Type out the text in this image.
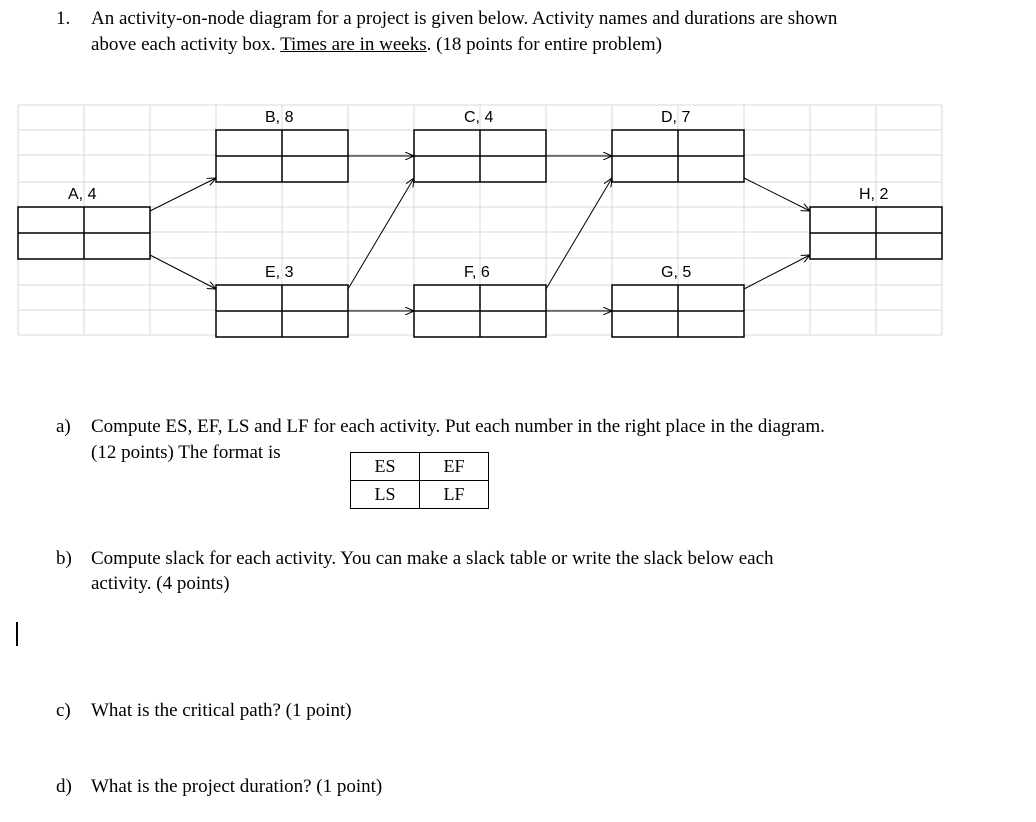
1. An activity-on-node diagram for a project is given below. Activity names and durations are shown
above each activity box. Times are in weeks. (18 points for entire problem)
A, 4
B, 8	C, 4	D, 7
E, 3	F, 6	G, 5
H, 2
a) Compute ES, EF, LS and LF for each activity. Put each number in the right place in the diagram.
(12 points) The format is
ES	EF
LS	LF
b) Compute slack for each activity. You can make a slack table or write the slack below each
activity. (4 points)
c) What is the critical path? (1 point)
d) What is the project duration? (1 point)
